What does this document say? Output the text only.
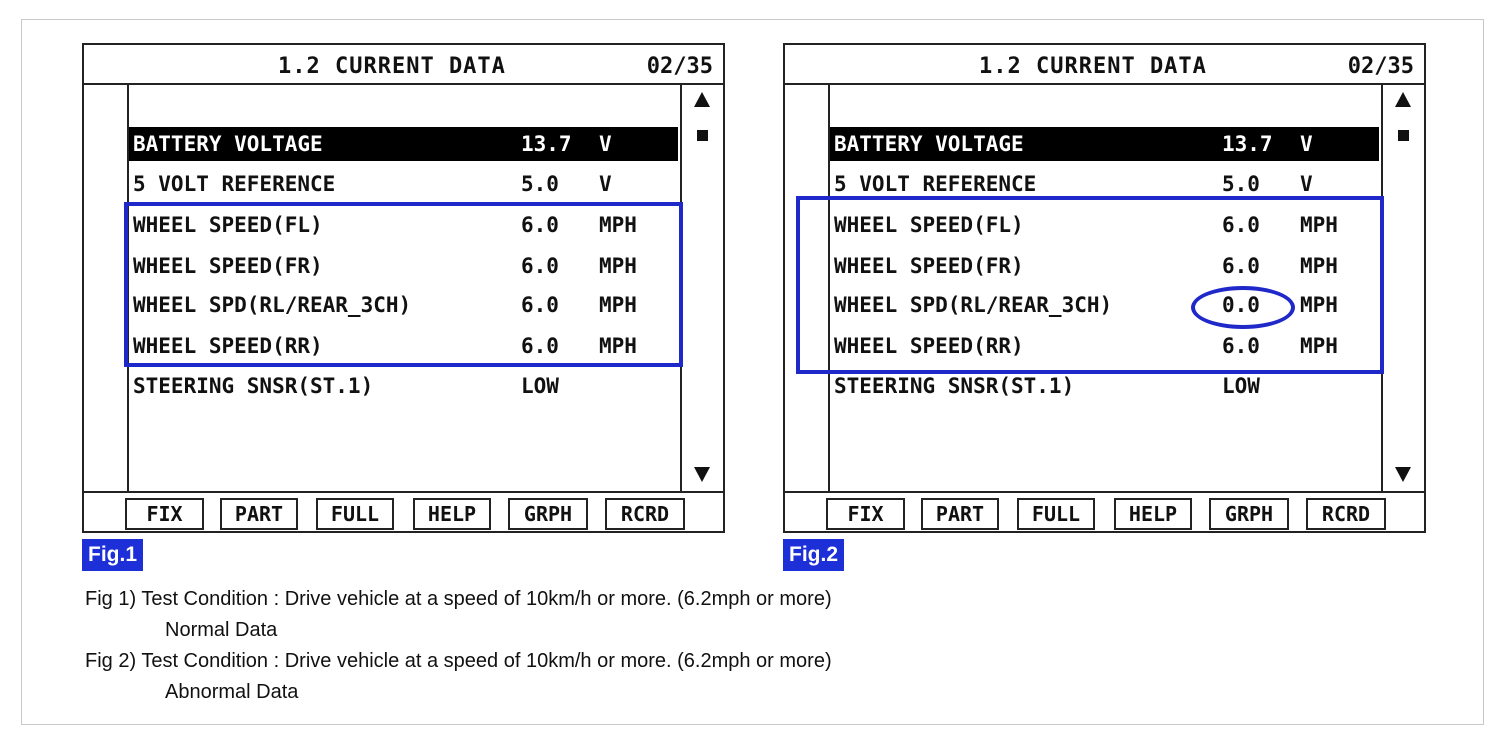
1.2 CURRENT DATA	02/35
BATTERY VOLTAGE	13.7 V
5 VOLT REFERENCE	5.0 V
WHEEL SPEED(FL)	6.0 MPH
WHEEL SPEED(FR)	6.0 MPH
WHEEL SPD(RL/REAR_3CH)	6.0 MPH
WHEEL SPEED(RR)	6.0 MPH
STEERING SNSR(ST.1)	LOW
FIX	PART	FULL	HELP	GRPH	RCRD
1.2 CURRENT DATA	02/35
BATTERY VOLTAGE	13.7 V
5 VOLT REFERENCE	5.0 V
WHEEL SPEED(FL)	6.0 MPH
WHEEL SPEED(FR)	6.0 MPH
WHEEL SPD(RL/REAR_3CH)	0.0 MPH
WHEEL SPEED(RR)	6.0 MPH
STEERING SNSR(ST.1)	LOW
FIX	PART	FULL	HELP	GRPH	RCRD
Fig.1	Fig.2
Fig 1) Test Condition : Drive vehicle at a speed of 10km/h or more. (6.2mph or more)
Normal Data
Fig 2) Test Condition : Drive vehicle at a speed of 10km/h or more. (6.2mph or more)
Abnormal Data
